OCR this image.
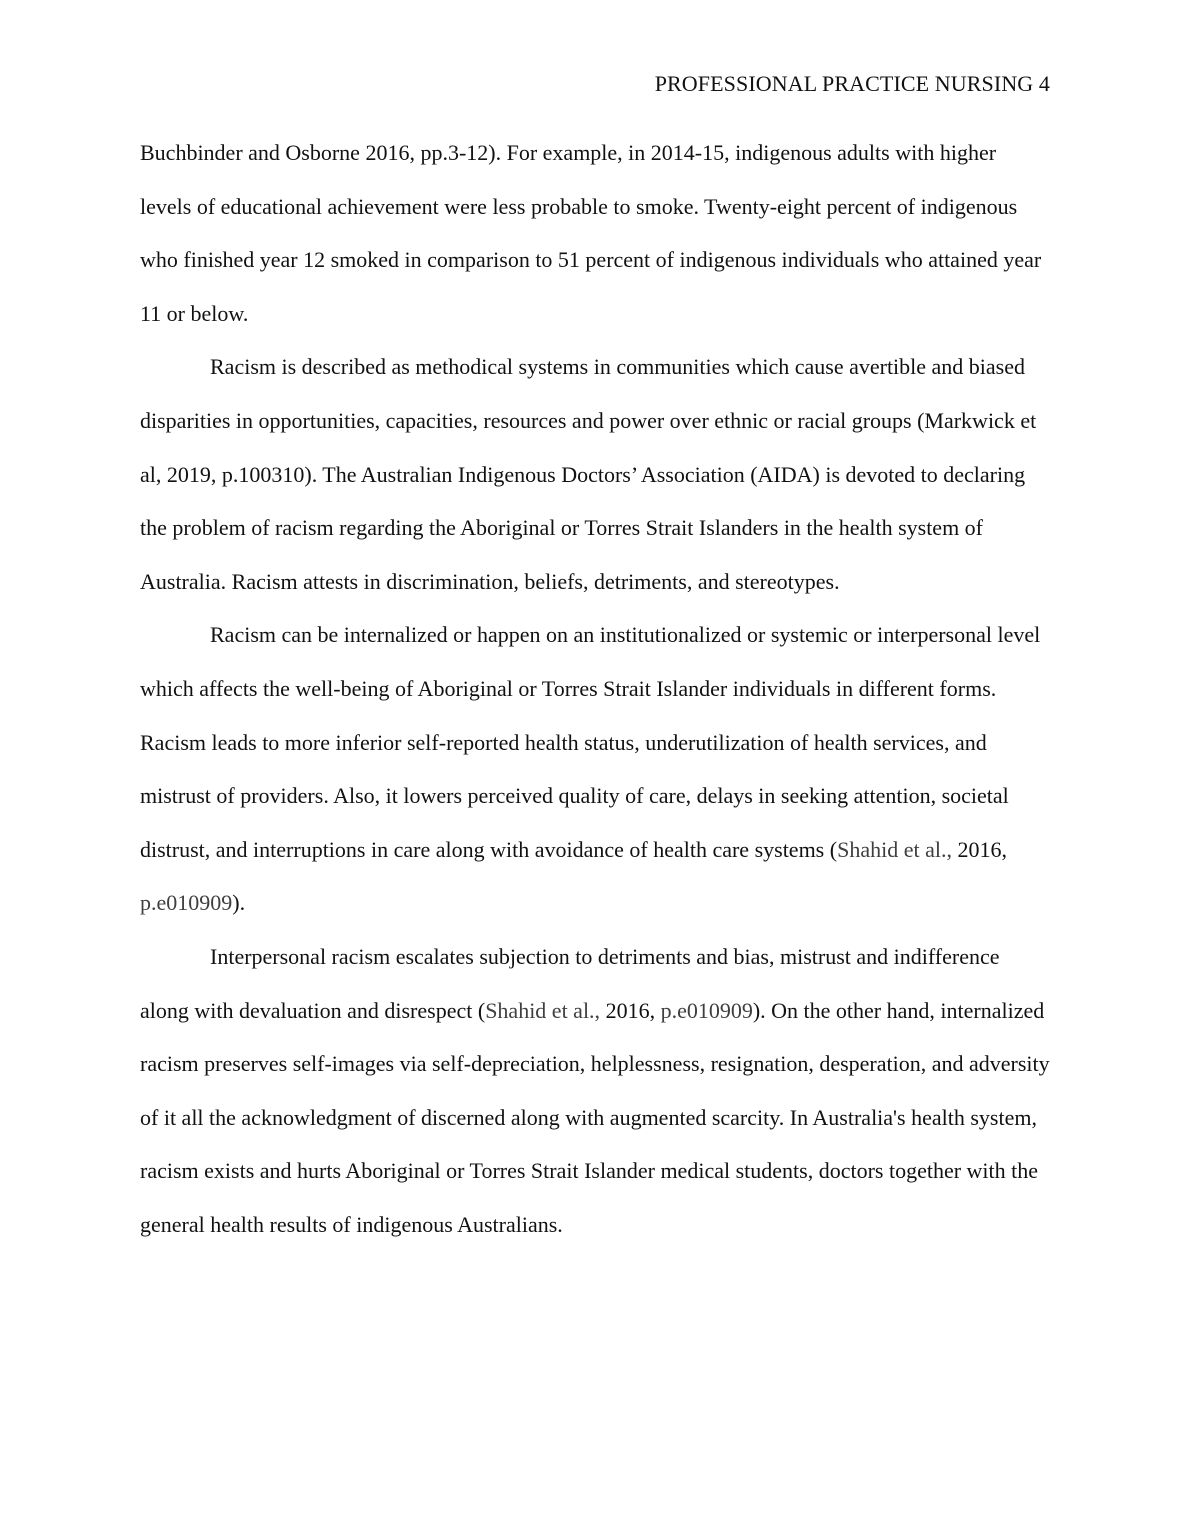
PROFESSIONAL PRACTICE NURSING 4

Buchbinder and Osborne 2016, pp.3-12). For example, in 2014-15, indigenous adults with higher levels of educational achievement were less probable to smoke. Twenty-eight percent of indigenous who finished year 12 smoked in comparison to 51 percent of indigenous individuals who attained year 11 or below.

Racism is described as methodical systems in communities which cause avertible and biased disparities in opportunities, capacities, resources and power over ethnic or racial groups (Markwick et al, 2019, p.100310). The Australian Indigenous Doctors’ Association (AIDA) is devoted to declaring the problem of racism regarding the Aboriginal or Torres Strait Islanders in the health system of Australia. Racism attests in discrimination, beliefs, detriments, and stereotypes.

Racism can be internalized or happen on an institutionalized or systemic or interpersonal level which affects the well-being of Aboriginal or Torres Strait Islander individuals in different forms. Racism leads to more inferior self-reported health status, underutilization of health services, and mistrust of providers. Also, it lowers perceived quality of care, delays in seeking attention, societal distrust, and interruptions in care along with avoidance of health care systems (Shahid et al., 2016, p.e010909).

Interpersonal racism escalates subjection to detriments and bias, mistrust and indifference along with devaluation and disrespect (Shahid et al., 2016, p.e010909). On the other hand, internalized racism preserves self-images via self-depreciation, helplessness, resignation, desperation, and adversity of it all the acknowledgment of discerned along with augmented scarcity. In Australia's health system, racism exists and hurts Aboriginal or Torres Strait Islander medical students, doctors together with the general health results of indigenous Australians.
